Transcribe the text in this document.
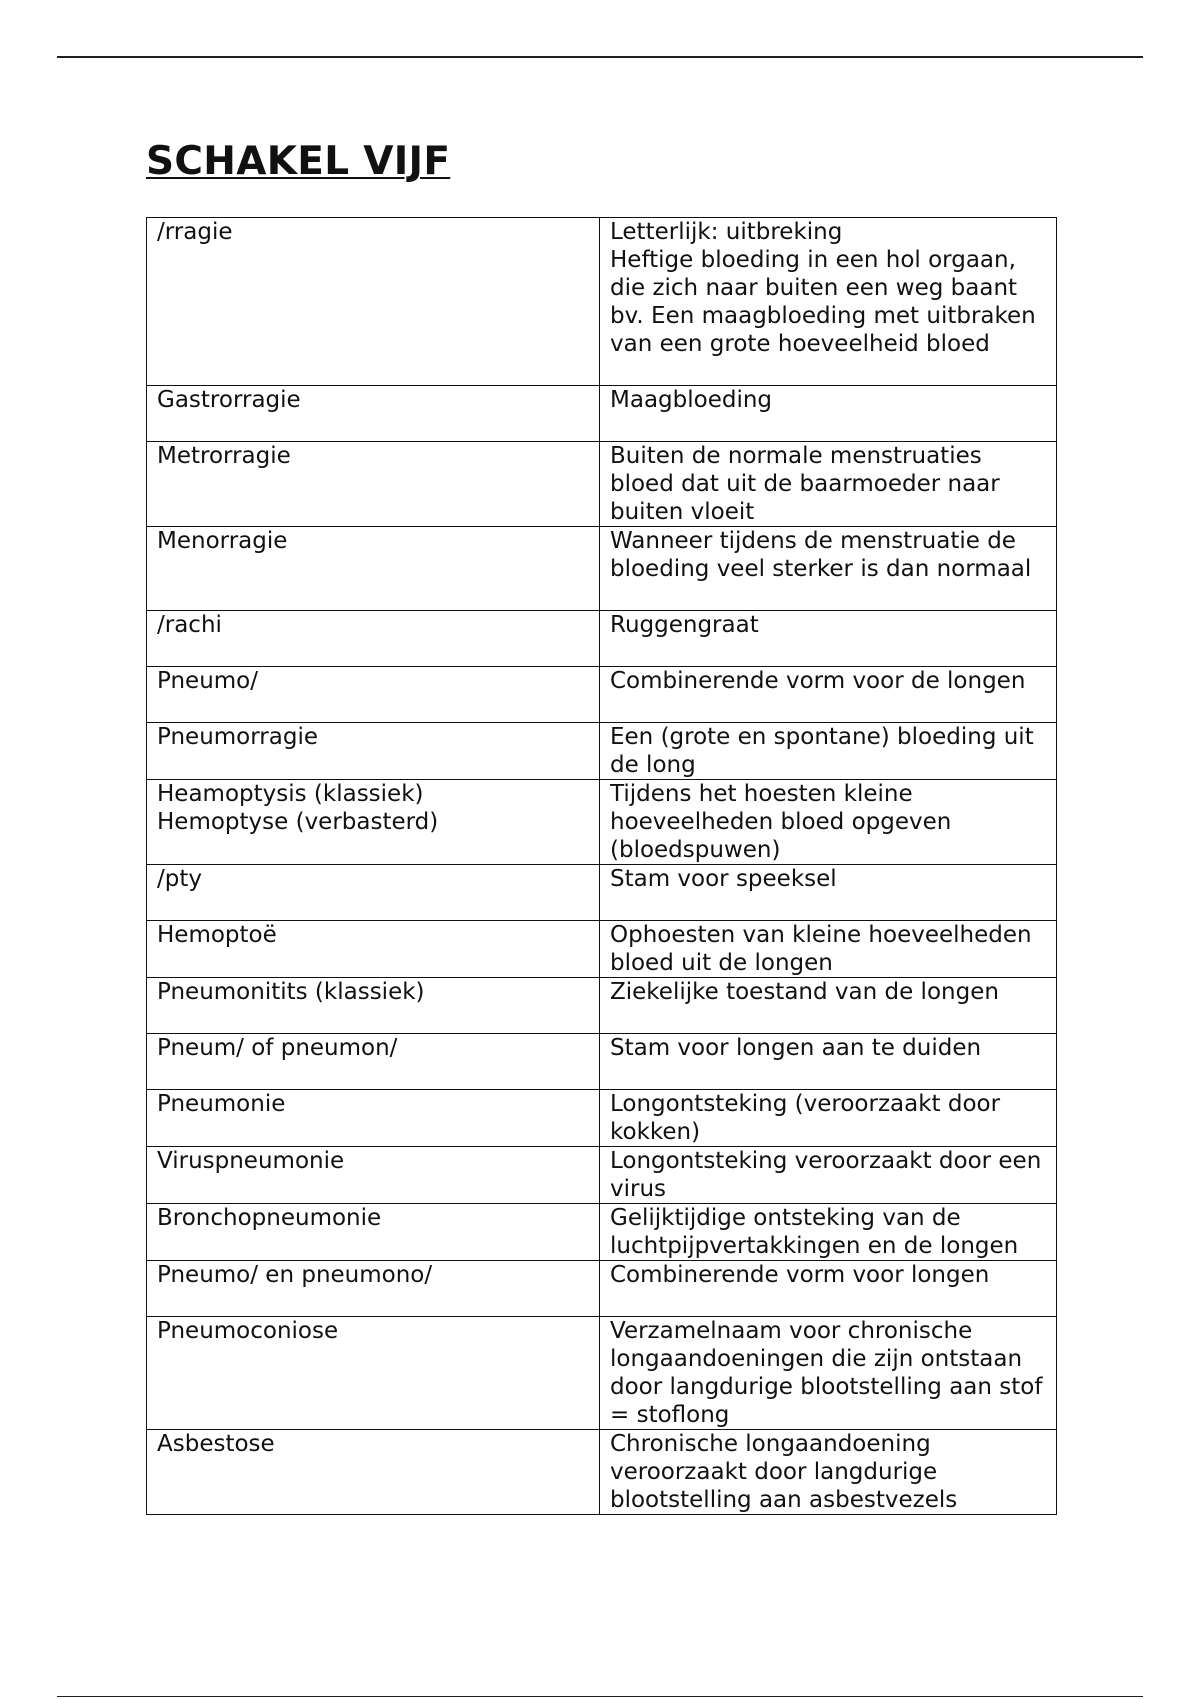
SCHAKEL VIJF
/rragie	Letterlijk: uitbreking
Heftige bloeding in een hol orgaan, die zich naar buiten een weg baant bv. Een maagbloeding met uitbraken van een grote hoeveelheid bloed
Gastrorragie	Maagbloeding
Metrorragie	Buiten de normale menstruaties bloed dat uit de baarmoeder naar buiten vloeit
Menorragie	Wanneer tijdens de menstruatie de bloeding veel sterker is dan normaal
/rachi	Ruggengraat
Pneumo/	Combinerende vorm voor de longen
Pneumorragie	Een (grote en spontane) bloeding uit de long
Heamoptysis (klassiek)
Hemoptyse (verbasterd)	Tijdens het hoesten kleine hoeveelheden bloed opgeven (bloedspuwen)
/pty	Stam voor speeksel
Hemoptoë	Ophoesten van kleine hoeveelheden bloed uit de longen
Pneumonitits (klassiek)	Ziekelijke toestand van de longen
Pneum/ of pneumon/	Stam voor longen aan te duiden
Pneumonie	Longontsteking (veroorzaakt door kokken)
Viruspneumonie	Longontsteking veroorzaakt door een virus
Bronchopneumonie	Gelijktijdige ontsteking van de luchtpijpvertakkingen en de longen
Pneumo/ en pneumono/	Combinerende vorm voor longen
Pneumoconiose	Verzamelnaam voor chronische longaandoeningen die zijn ontstaan door langdurige blootstelling aan stof = stoflong
Asbestose	Chronische longaandoening veroorzaakt door langdurige blootstelling aan asbestvezels
